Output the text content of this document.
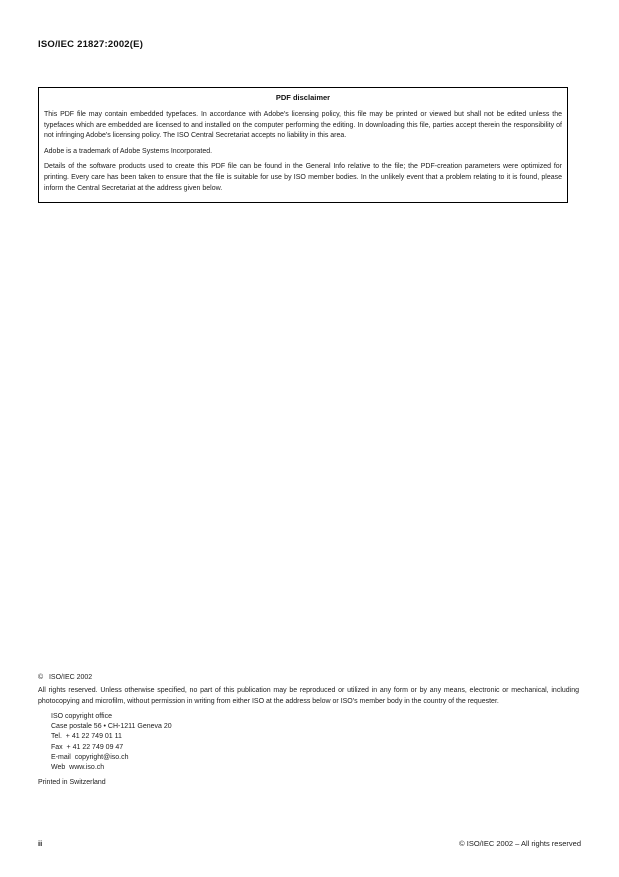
ISO/IEC 21827:2002(E)
PDF disclaimer

This PDF file may contain embedded typefaces. In accordance with Adobe's licensing policy, this file may be printed or viewed but shall not be edited unless the typefaces which are embedded are licensed to and installed on the computer performing the editing. In downloading this file, parties accept therein the responsibility of not infringing Adobe's licensing policy. The ISO Central Secretariat accepts no liability in this area.

Adobe is a trademark of Adobe Systems Incorporated.

Details of the software products used to create this PDF file can be found in the General Info relative to the file; the PDF-creation parameters were optimized for printing. Every care has been taken to ensure that the file is suitable for use by ISO member bodies. In the unlikely event that a problem relating to it is found, please inform the Central Secretariat at the address given below.

©   ISO/IEC 2002

All rights reserved. Unless otherwise specified, no part of this publication may be reproduced or utilized in any form or by any means, electronic or mechanical, including photocopying and microfilm, without permission in writing from either ISO at the address below or ISO's member body in the country of the requester.

ISO copyright office
Case postale 56 • CH-1211 Geneva 20
Tel.  + 41 22 749 01 11
Fax  + 41 22 749 09 47
E-mail  copyright@iso.ch
Web  www.iso.ch
Printed in Switzerland
ii	© ISO/IEC 2002 – All rights reserved
